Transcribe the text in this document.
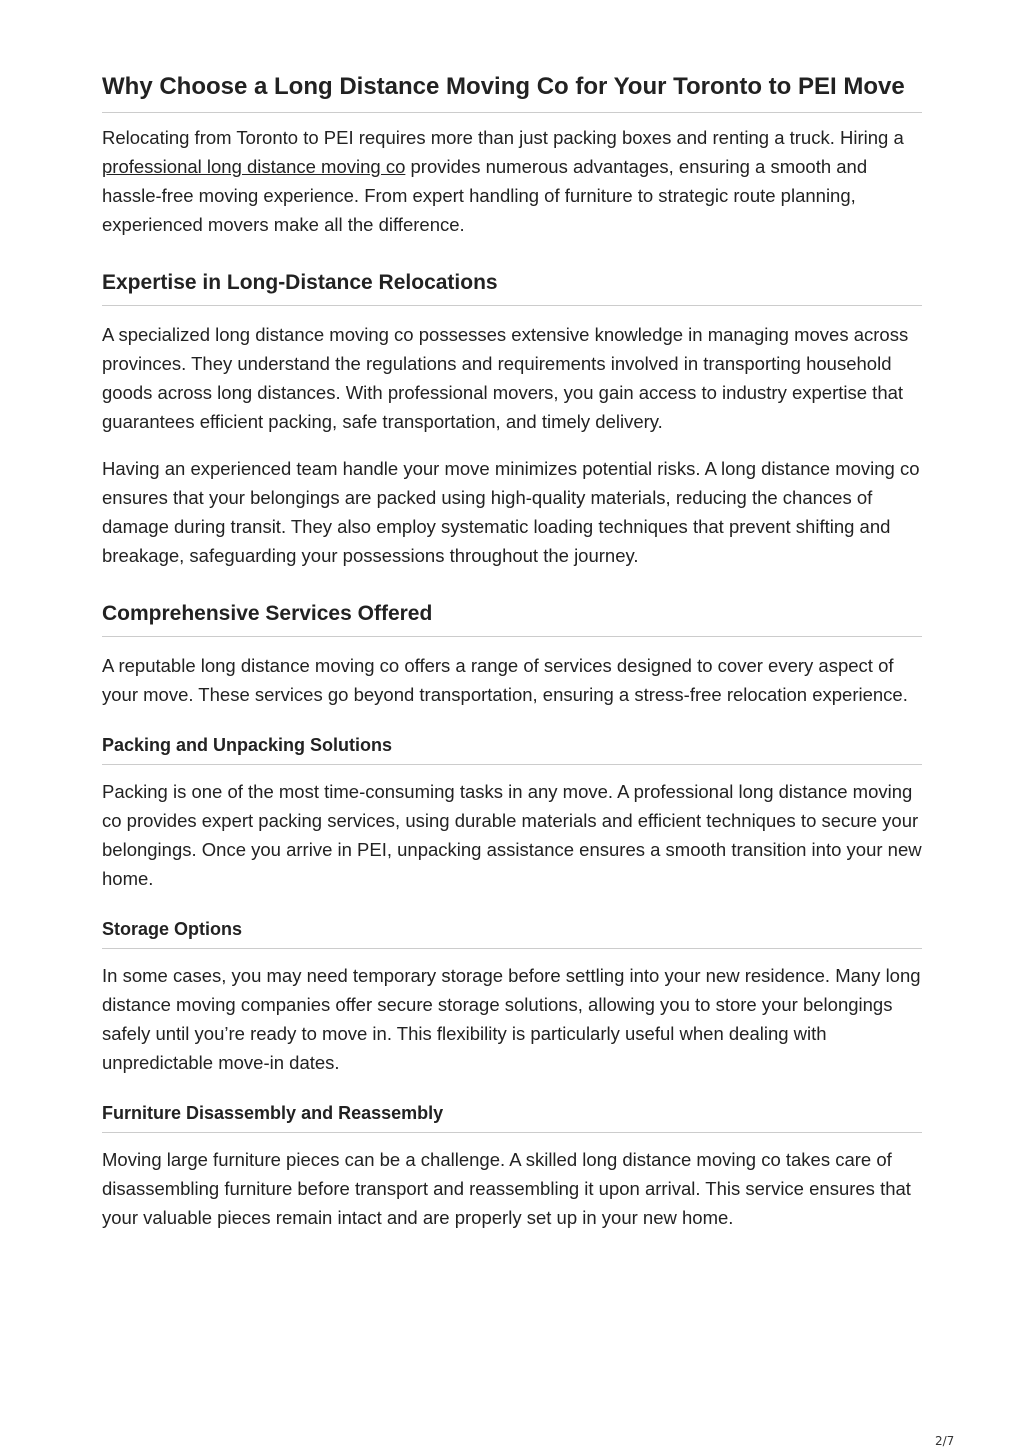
Why Choose a Long Distance Moving Co for Your Toronto to PEI Move

Relocating from Toronto to PEI requires more than just packing boxes and renting a truck. Hiring a professional long distance moving co provides numerous advantages, ensuring a smooth and hassle-free moving experience. From expert handling of furniture to strategic route planning, experienced movers make all the difference.

Expertise in Long-Distance Relocations

A specialized long distance moving co possesses extensive knowledge in managing moves across provinces. They understand the regulations and requirements involved in transporting household goods across long distances. With professional movers, you gain access to industry expertise that guarantees efficient packing, safe transportation, and timely delivery.

Having an experienced team handle your move minimizes potential risks. A long distance moving co ensures that your belongings are packed using high-quality materials, reducing the chances of damage during transit. They also employ systematic loading techniques that prevent shifting and breakage, safeguarding your possessions throughout the journey.

Comprehensive Services Offered

A reputable long distance moving co offers a range of services designed to cover every aspect of your move. These services go beyond transportation, ensuring a stress-free relocation experience.

Packing and Unpacking Solutions

Packing is one of the most time-consuming tasks in any move. A professional long distance moving co provides expert packing services, using durable materials and efficient techniques to secure your belongings. Once you arrive in PEI, unpacking assistance ensures a smooth transition into your new home.

Storage Options

In some cases, you may need temporary storage before settling into your new residence. Many long distance moving companies offer secure storage solutions, allowing you to store your belongings safely until you’re ready to move in. This flexibility is particularly useful when dealing with unpredictable move-in dates.

Furniture Disassembly and Reassembly

Moving large furniture pieces can be a challenge. A skilled long distance moving co takes care of disassembling furniture before transport and reassembling it upon arrival. This service ensures that your valuable pieces remain intact and are properly set up in your new home.

2/7
